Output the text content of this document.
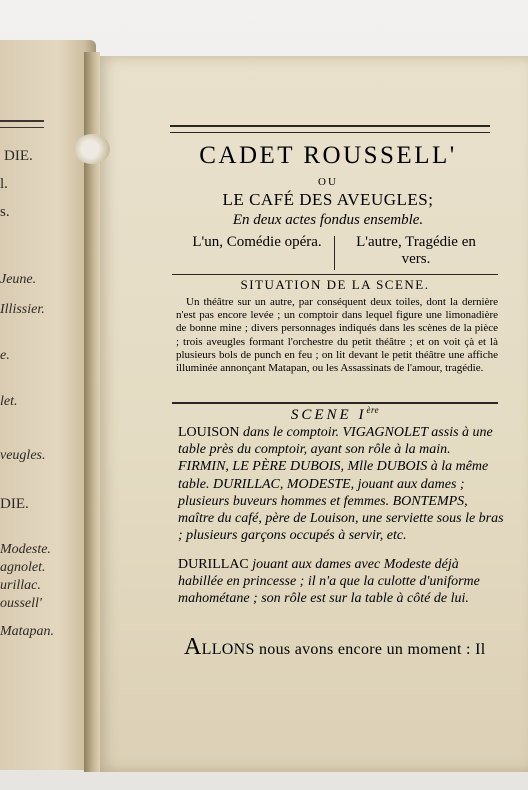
DIE.
l.
s.
Jeune.
Illissier.
e.
let.
veugles.
DIE.
Modeste.
agnolet.
urillac.
oussell'
Matapan.
CADET ROUSSELL'
OU
LE CAFÉ DES AVEUGLES;
En deux actes fondus ensemble.
L'un, Comédie opéra.	L'autre, Tragédie en vers.
SITUATION DE LA SCENE.
Un théâtre sur un autre, par conséquent deux toiles, dont la dernière n'est pas encore levée ; un comptoir dans lequel figure une limonadière de bonne mine ; divers personnages indiqués dans les scènes de la pièce ; trois aveugles formant l'orchestre du petit théâtre ; et on voit çà et là plusieurs bols de punch en feu ; on lit devant le petit théâtre une affiche illuminée annonçant Matapan, ou les Assassinats de l'amour, tragédie.
SCENE Ière
LOUISON dans le comptoir. VIGAGNOLET assis à une table près du comptoir, ayant son rôle à la main. FIRMIN, LE PÈRE DUBOIS, Mlle DUBOIS à la même table. DURILLAC, MODESTE, jouant aux dames ; plusieurs buveurs hommes et femmes. BONTEMPS, maître du café, père de Louison, une serviette sous le bras ; plusieurs garçons occupés à servir, etc.
DURILLAC jouant aux dames avec Modeste déjà habillée en princesse ; il n'a que la culotte d'uniforme mahométane ; son rôle est sur la table à côté de lui.
ALLONS nous avons encore un moment : Il
